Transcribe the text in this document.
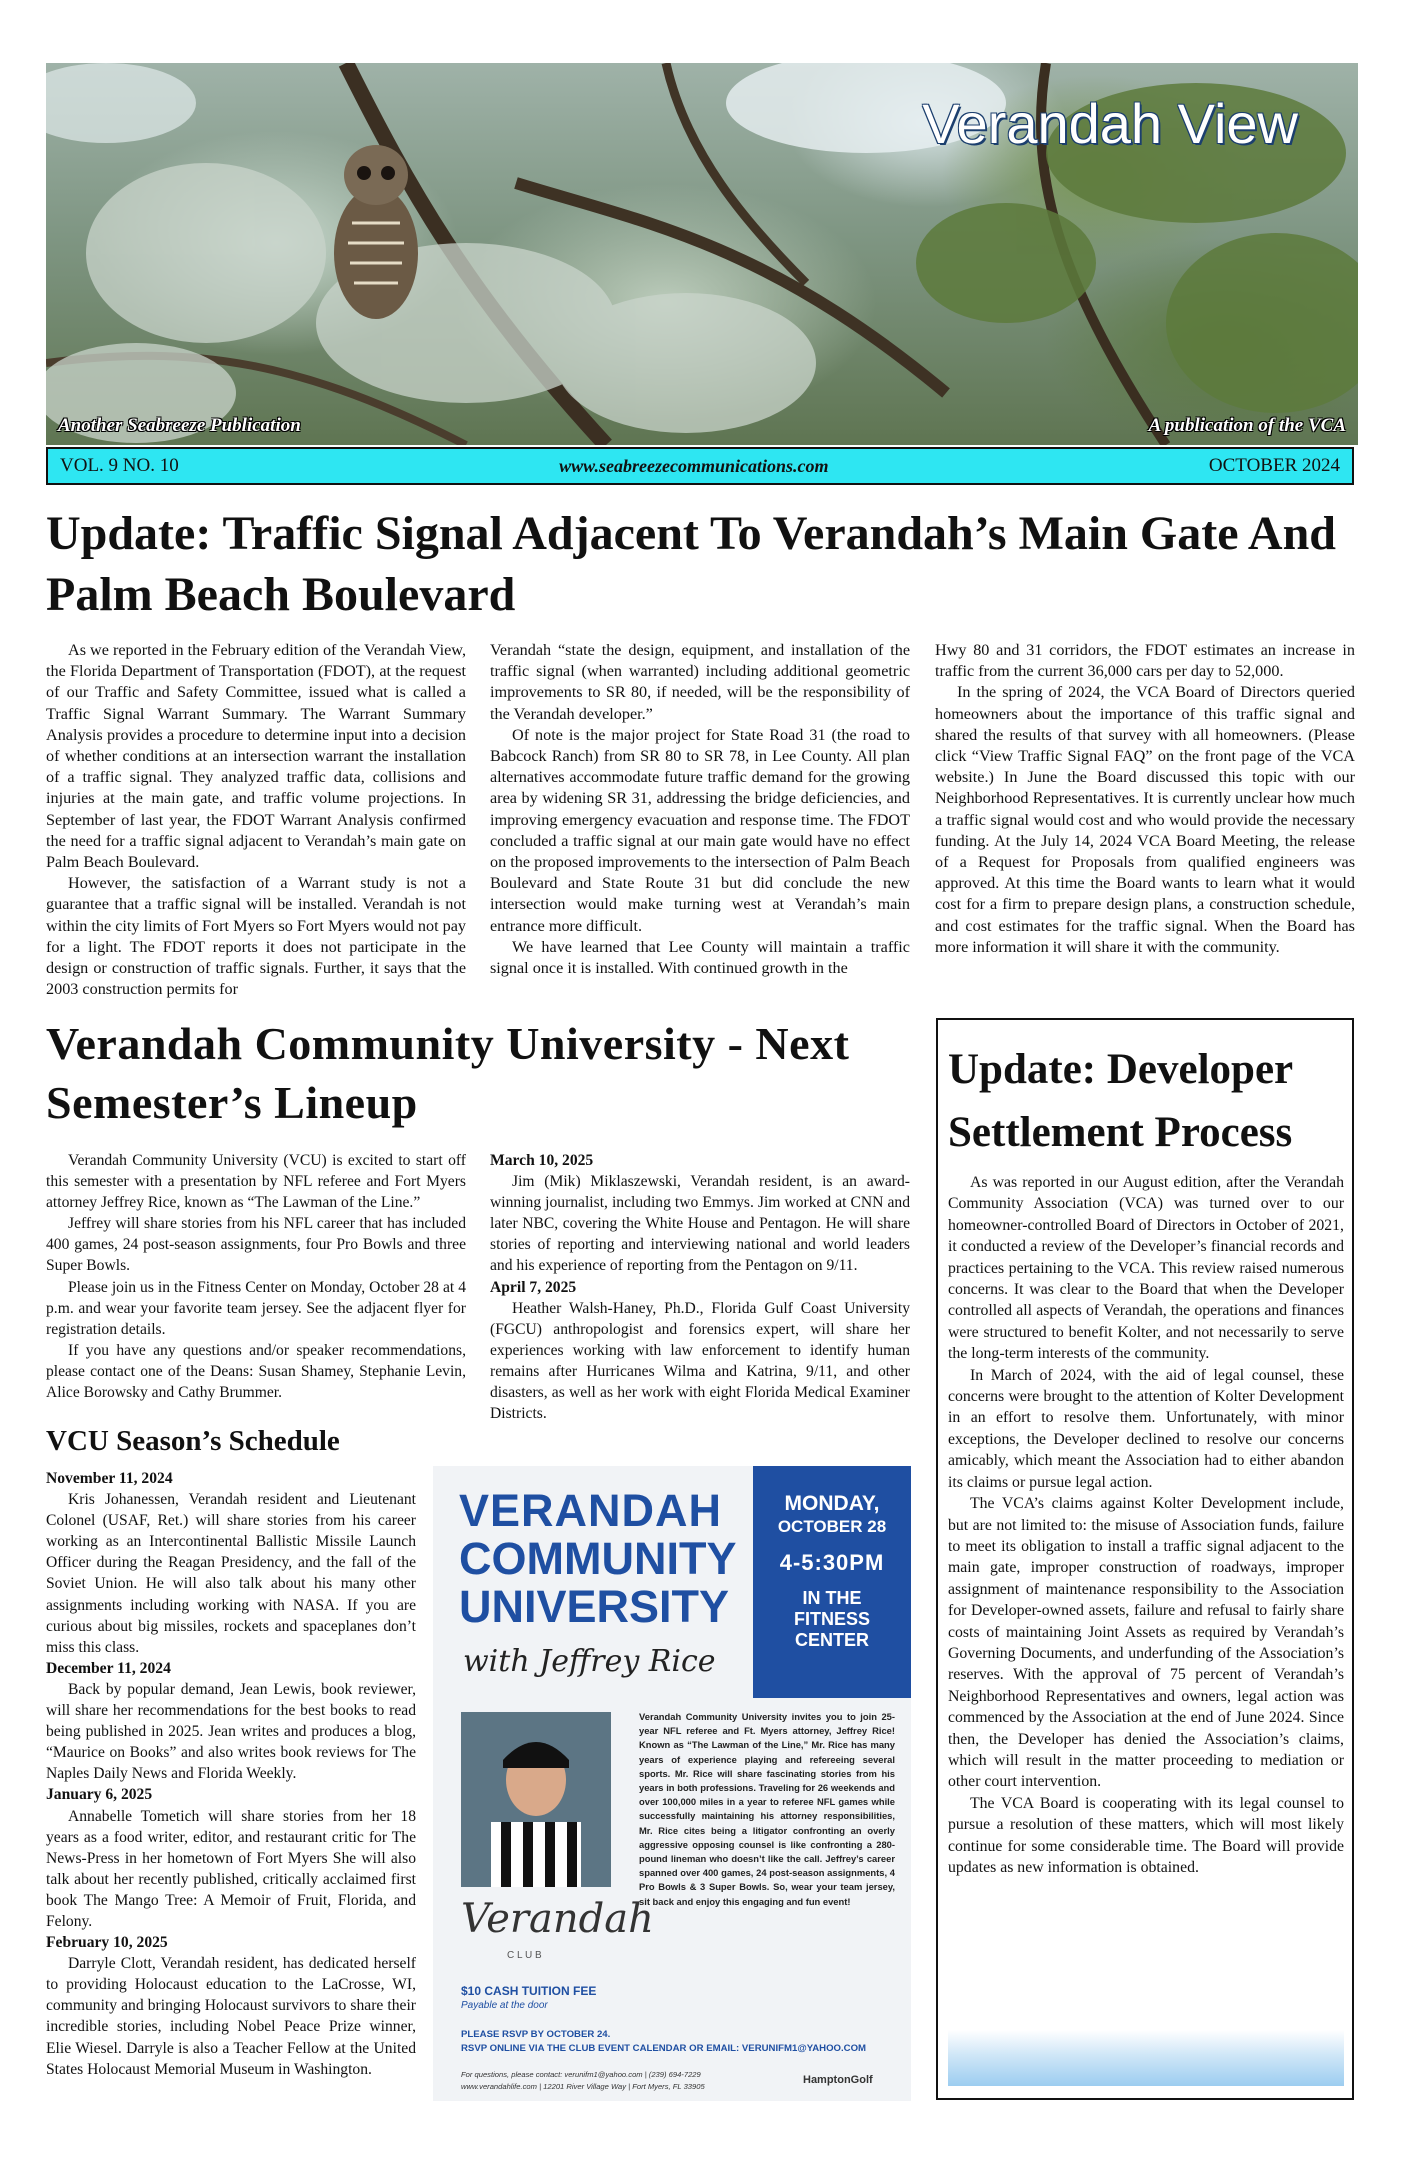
Verandah View
Another Seabreeze Publication	A publication of the VCA
VOL. 9 NO. 10	www.seabreezecommunications.com	OCTOBER 2024
Update: Traffic Signal Adjacent To Verandah’s Main Gate And Palm Beach Boulevard

As we reported in the February edition of the Verandah View, the Florida Department of Transportation (FDOT), at the request of our Traffic and Safety Committee, issued what is called a Traffic Signal Warrant Summary. The Warrant Summary Analysis provides a procedure to determine input into a decision of whether conditions at an intersection warrant the installation of a traffic signal. They analyzed traffic data, collisions and injuries at the main gate, and traffic volume projections. In September of last year, the FDOT Warrant Analysis confirmed the need for a traffic signal adjacent to Verandah’s main gate on Palm Beach Boulevard.

However, the satisfaction of a Warrant study is not a guarantee that a traffic signal will be installed. Verandah is not within the city limits of Fort Myers so Fort Myers would not pay for a light. The FDOT reports it does not participate in the design or construction of traffic signals. Further, it says that the 2003 construction permits for

Verandah “state the design, equipment, and installation of the traffic signal (when warranted) including additional geometric improvements to SR 80, if needed, will be the responsibility of the Verandah developer.”

Of note is the major project for State Road 31 (the road to Babcock Ranch) from SR 80 to SR 78, in Lee County. All plan alternatives accommodate future traffic demand for the growing area by widening SR 31, addressing the bridge deficiencies, and improving emergency evacuation and response time. The FDOT concluded a traffic signal at our main gate would have no effect on the proposed improvements to the intersection of Palm Beach Boulevard and State Route 31 but did conclude the new intersection would make turning west at Verandah’s main entrance more difficult.

We have learned that Lee County will maintain a traffic signal once it is installed. With continued growth in the

Hwy 80 and 31 corridors, the FDOT estimates an increase in traffic from the current 36,000 cars per day to 52,000.

In the spring of 2024, the VCA Board of Directors queried homeowners about the importance of this traffic signal and shared the results of that survey with all homeowners. (Please click “View Traffic Signal FAQ” on the front page of the VCA website.) In June the Board discussed this topic with our Neighborhood Representatives. It is currently unclear how much a traffic signal would cost and who would provide the necessary funding. At the July 14, 2024 VCA Board Meeting, the release of a Request for Proposals from qualified engineers was approved. At this time the Board wants to learn what it would cost for a firm to prepare design plans, a construction schedule, and cost estimates for the traffic signal. When the Board has more information it will share it with the community.

Verandah Community University - Next Semester’s Lineup

Verandah Community University (VCU) is excited to start off this semester with a presentation by NFL referee and Fort Myers attorney Jeffrey Rice, known as “The Lawman of the Line.”

Jeffrey will share stories from his NFL career that has included 400 games, 24 post-season assignments, four Pro Bowls and three Super Bowls.

Please join us in the Fitness Center on Monday, October 28 at 4 p.m. and wear your favorite team jersey. See the adjacent flyer for registration details.

If you have any questions and/or speaker recommendations, please contact one of the Deans: Susan Shamey, Stephanie Levin, Alice Borowsky and Cathy Brummer.

VCU Season’s Schedule

November 11, 2024

Kris Johanessen, Verandah resident and Lieutenant Colonel (USAF, Ret.) will share stories from his career working as an Intercontinental Ballistic Missile Launch Officer during the Reagan Presidency, and the fall of the Soviet Union. He will also talk about his many other assignments including working with NASA. If you are curious about big missiles, rockets and spaceplanes don’t miss this class.

December 11, 2024

Back by popular demand, Jean Lewis, book reviewer, will share her recommendations for the best books to read being published in 2025. Jean writes and produces a blog, “Maurice on Books” and also writes book reviews for The Naples Daily News and Florida Weekly.

January 6, 2025

Annabelle Tometich will share stories from her 18 years as a food writer, editor, and restaurant critic for The News-Press in her hometown of Fort Myers She will also talk about her recently published, critically acclaimed first book The Mango Tree: A Memoir of Fruit, Florida, and Felony.

February 10, 2025

Darryle Clott, Verandah resident, has dedicated herself to providing Holocaust education to the LaCrosse, WI, community and bringing Holocaust survivors to share their incredible stories, including Nobel Peace Prize winner, Elie Wiesel. Darryle is also a Teacher Fellow at the United States Holocaust Memorial Museum in Washington.

March 10, 2025

Jim (Mik) Miklaszewski, Verandah resident, is an award-winning journalist, including two Emmys. Jim worked at CNN and later NBC, covering the White House and Pentagon. He will share stories of reporting and interviewing national and world leaders and his experience of reporting from the Pentagon on 9/11.

April 7, 2025

Heather Walsh-Haney, Ph.D., Florida Gulf Coast University (FGCU) anthropologist and forensics expert, will share her experiences working with law enforcement to identify human remains after Hurricanes Wilma and Katrina, 9/11, and other disasters, as well as her work with eight Florida Medical Examiner Districts.

VERANDAH
COMMUNITY
UNIVERSITY
with Jeffrey Rice
MONDAY,
OCTOBER 28
4-5:30PM
IN THE
FITNESS
CENTER
Verandah Community University invites you to join 25-year NFL referee and Ft. Myers attorney, Jeffrey Rice! Known as “The Lawman of the Line,” Mr. Rice has many years of experience playing and refereeing several sports. Mr. Rice will share fascinating stories from his years in both professions. Traveling for 26 weekends and over 100,000 miles in a year to referee NFL games while successfully maintaining his attorney responsibilities, Mr. Rice cites being a litigator confronting an overly aggressive opposing counsel is like confronting a 280-pound lineman who doesn’t like the call. Jeffrey’s career spanned over 400 games, 24 post-season assignments, 4 Pro Bowls & 3 Super Bowls. So, wear your team jersey, sit back and enjoy this engaging and fun event!
Verandah
C L U B
$10 CASH TUITION FEE
Payable at the door
PLEASE RSVP BY OCTOBER 24.
RSVP ONLINE VIA THE CLUB EVENT CALENDAR OR EMAIL: VERUNIFM1@YAHOO.COM
For questions, please contact: verunifm1@yahoo.com | (239) 694-7229
www.verandahlife.com | 12201 River Village Way | Fort Myers, FL 33905
HamptonGolf
Update: Developer Settlement Process

As was reported in our August edition, after the Verandah Community Association (VCA) was turned over to our homeowner-controlled Board of Directors in October of 2021, it conducted a review of the Developer’s financial records and practices pertaining to the VCA. This review raised numerous concerns. It was clear to the Board that when the Developer controlled all aspects of Verandah, the operations and finances were structured to benefit Kolter, and not necessarily to serve the long-term interests of the community.

In March of 2024, with the aid of legal counsel, these concerns were brought to the attention of Kolter Development in an effort to resolve them. Unfortunately, with minor exceptions, the Developer declined to resolve our concerns amicably, which meant the Association had to either abandon its claims or pursue legal action.

The VCA’s claims against Kolter Development include, but are not limited to: the misuse of Association funds, failure to meet its obligation to install a traffic signal adjacent to the main gate, improper construction of roadways, improper assignment of maintenance responsibility to the Association for Developer-owned assets, failure and refusal to fairly share costs of maintaining Joint Assets as required by Verandah’s Governing Documents, and underfunding of the Association’s reserves. With the approval of 75 percent of Verandah’s Neighborhood Representatives and owners, legal action was commenced by the Association at the end of June 2024. Since then, the Developer has denied the Association’s claims, which will result in the matter proceeding to mediation or other court intervention.

The VCA Board is cooperating with its legal counsel to pursue a resolution of these matters, which will most likely continue for some considerable time. The Board will provide updates as new information is obtained.
